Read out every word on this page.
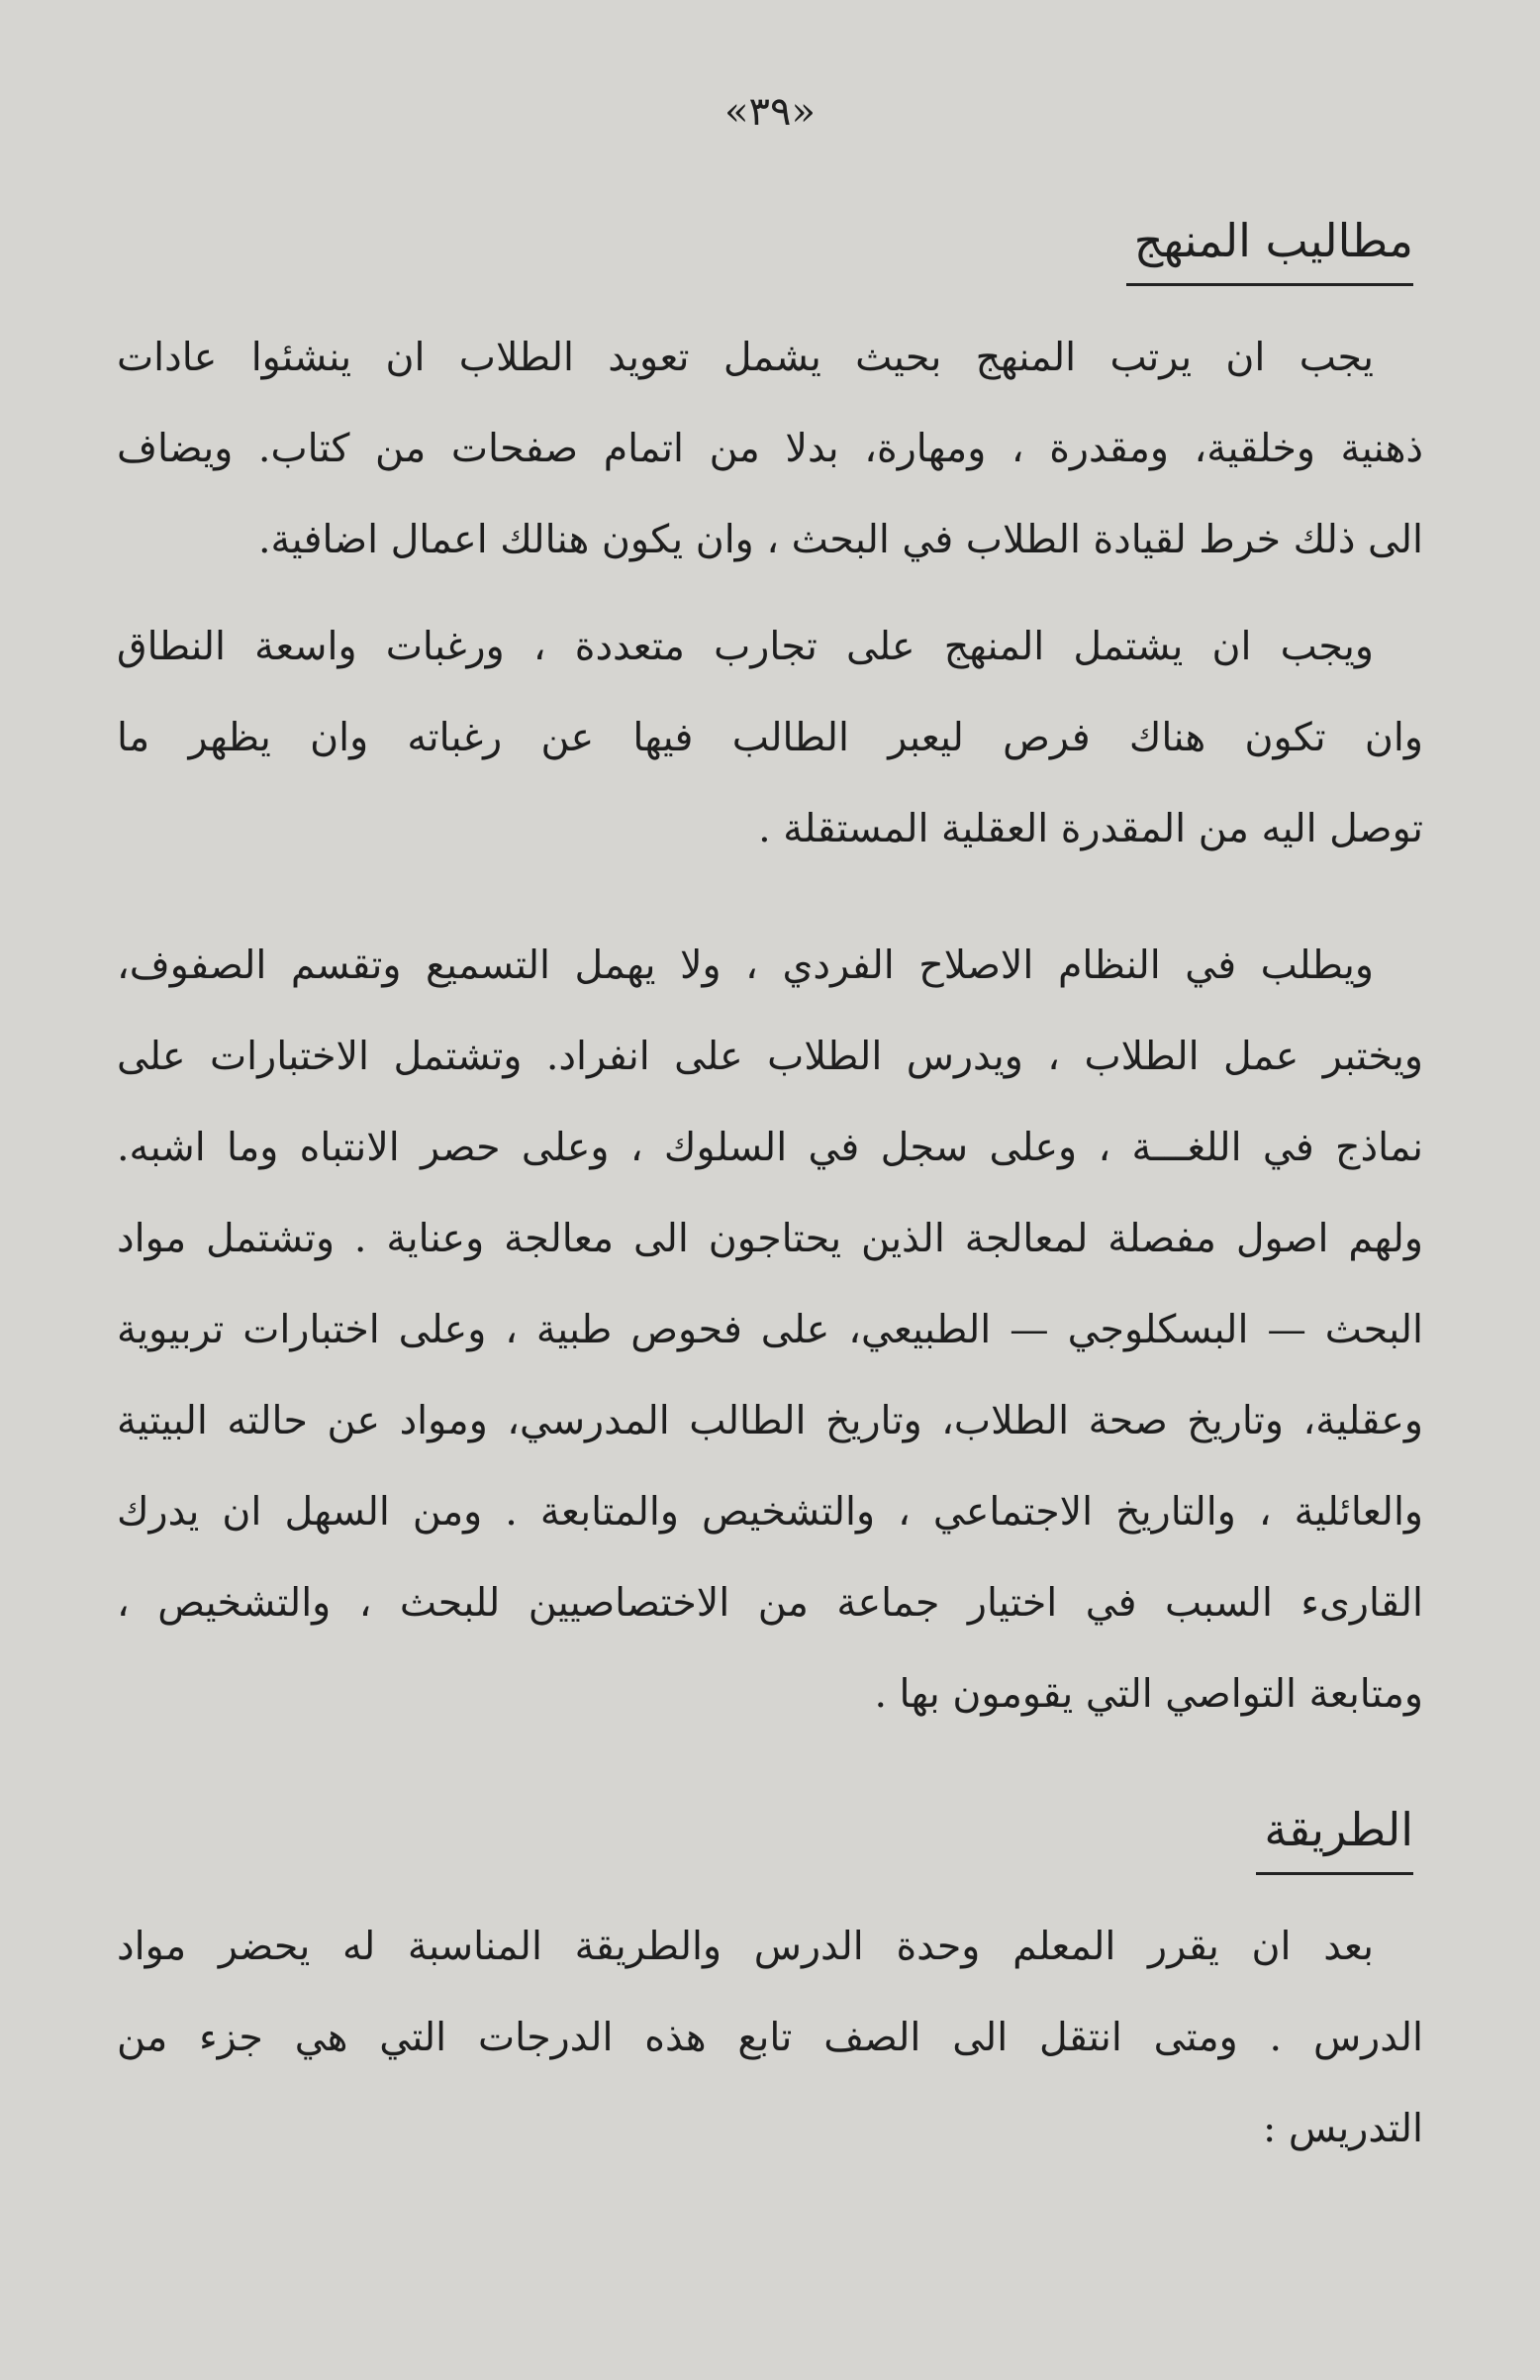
«٣٩»
مطاليب المنهج

يجب ان يرتب المنهج بحيث يشمل تعويد الطلاب ان ينشئوا عادات
ذهنية وخلقية، ومقدرة ، ومهارة، بدلا من اتمام صفحات من كتاب. ويضاف
الى ذلك خرط لقيادة الطلاب في البحث ، وان يكون هنالك اعمال اضافية.

ويجب ان يشتمل المنهج على تجارب متعددة ، ورغبات واسعة النطاق
وان تكون هناك فرص ليعبر الطالب فيها عن رغباته وان يظهر ما
توصل اليه من المقدرة العقلية المستقلة .

ويطلب في النظام الاصلاح الفردي ، ولا يهمل التسميع وتقسم الصفوف،
ويختبر عمل الطلاب ، ويدرس الطلاب على انفراد. وتشتمل الاختبارات على
نماذج في اللغـــة ، وعلى سجل في السلوك ، وعلى حصر الانتباه وما اشبه.
ولهم اصول مفصلة لمعالجة الذين يحتاجون الى معالجة وعناية . وتشتمل مواد
البحث — البسكلوجي — الطبيعي، على فحوص طبية ، وعلى اختبارات تربيوية
وعقلية، وتاريخ صحة الطلاب، وتاريخ الطالب المدرسي، ومواد عن حالته البيتية
والعائلية ، والتاريخ الاجتماعي ، والتشخيص والمتابعة . ومن السهل ان يدرك
القارىء السبب في اختيار جماعة من الاختصاصيين للبحث ، والتشخيص ،
ومتابعة التواصي التي يقومون بها .

الطريقة

بعد ان يقرر المعلم وحدة الدرس والطريقة المناسبة له يحضر مواد
الدرس . ومتى انتقل الى الصف تابع هذه الدرجات التي هي جزء من
التدريس :
